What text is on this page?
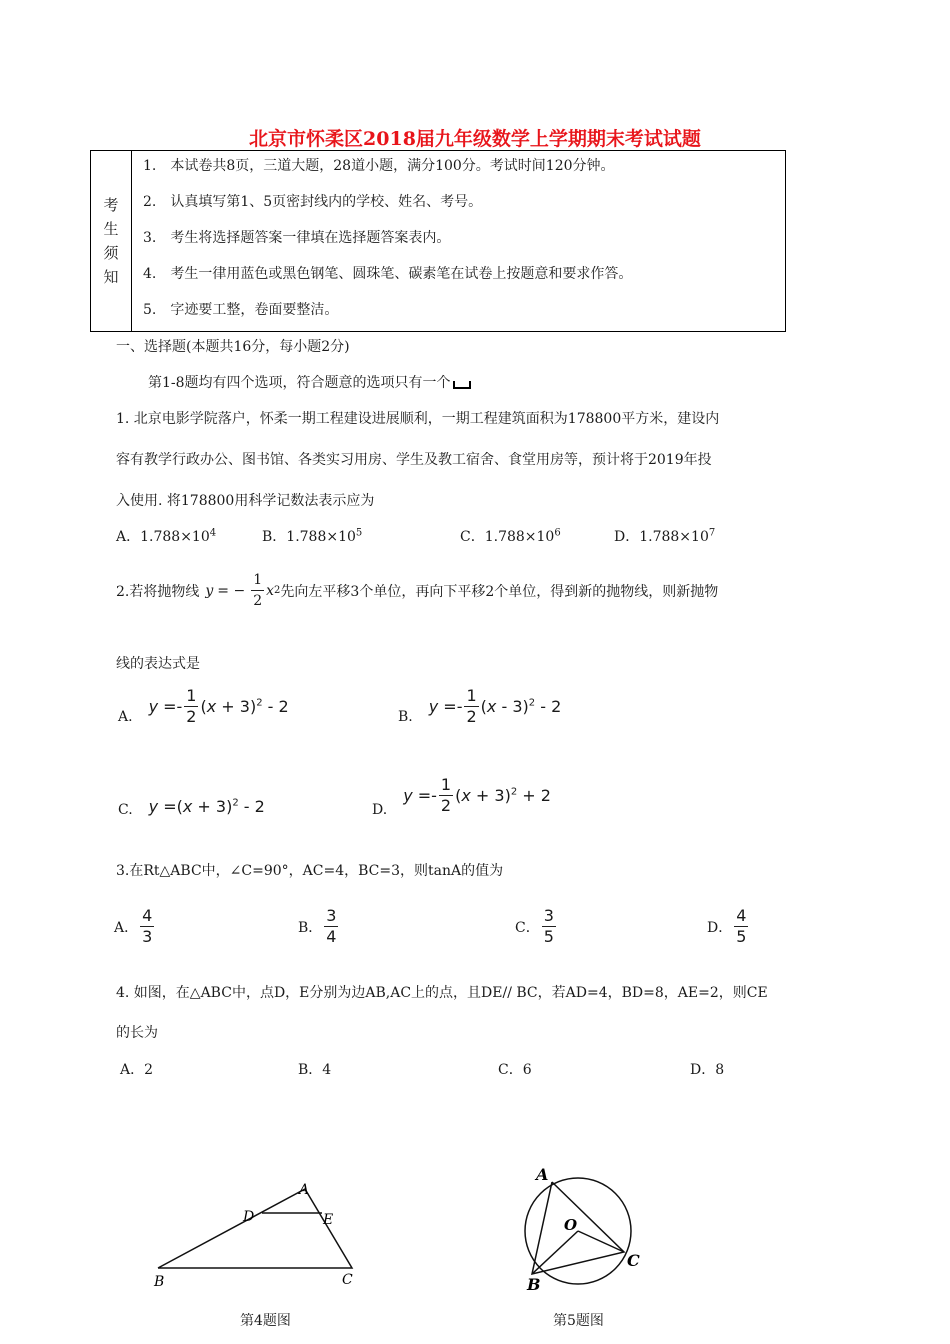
北京市怀柔区2018届九年级数学上学期期末考试试题
考
生
须
知
1.　本试卷共8页，三道大题，28道小题，满分100分。考试时间120分钟。
2.　认真填写第1、5页密封线内的学校、姓名、考号。
3.　考生将选择题答案一律填在选择题答案表内。
4.　考生一律用蓝色或黑色钢笔、圆珠笔、碳素笔在试卷上按题意和要求作答。
5.　字迹要工整，卷面要整洁。
一、选择题(本题共16分，每小题2分)
第1-8题均有四个选项，符合题意的选项只有一个
1. 北京电影学院落户，怀柔一期工程建设进展顺利，一期工程建筑面积为178800平方米，建设内
容有教学行政办公、图书馆、各类实习用房、学生及教工宿舍、食堂用房等，预计将于2019年投
入使用. 将178800用科学记数法表示应为
A．$1.788\times 10^4$	B．$1.788\times 10^5$	C．$1.788\times 10^6$	D．$1.788\times 10^7$
2.若将抛物线 y = − $\frac{1}{2}$ x 2 先向左平移3个单位，再向下平移2个单位，得到新的抛物线，则新抛物
线的表达式是
A.
$y =- \frac{1}{2} (x + 3)^2 - 2$
B.
$y =- \frac{1}{2} (x - 3)^2 - 2$
C. $y =(x + 3)^2 - 2$	D.
$y =- \frac{1}{2} (x + 3)^2 + 2$
3.在Rt△ABC中，∠C=90°，AC=4，BC=3，则tanA的值为
A． $\frac{4}{3}$	B． $\frac{3}{4}$	C． $\frac{3}{5}$	D． $\frac{4}{5}$
4. 如图，在△ABC中，点D，E分别为边AB,AC上的点，且DE// BC，若AD=4，BD=8，AE=2，则CE
的长为
A．2	B．4	C．6	D．8
A
D	E
B	C
第4题图
A
O
B
C
第5题图
